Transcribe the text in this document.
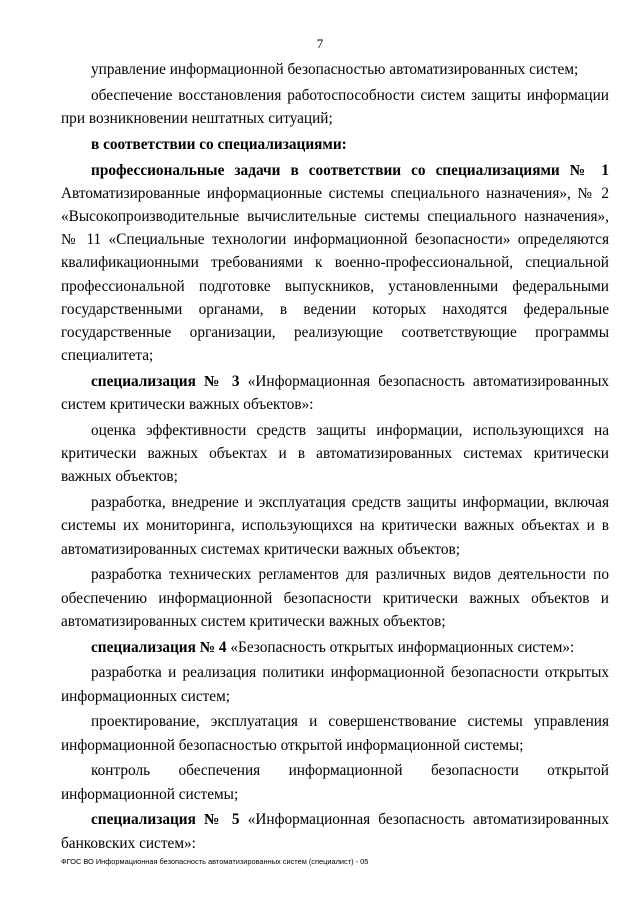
7

управление информационной безопасностью автоматизированных систем;

обеспечение восстановления работоспособности систем защиты информации при возникновении нештатных ситуаций;

в соответствии со специализациями:

профессиональные задачи в соответствии со специализациями № 1 Автоматизированные информационные системы специального назначения», № 2 «Высокопроизводительные вычислительные системы специального назначения», № 11 «Специальные технологии информационной безопасности» определяются квалификационными требованиями к военно-профессиональной, специальной профессиональной подготовке выпускников, установленными федеральными государственными органами, в ведении которых находятся федеральные государственные организации, реализующие соответствующие программы специалитета;

специализация № 3 «Информационная безопасность автоматизированных систем критически важных объектов»:

оценка эффективности средств защиты информации, использующихся на критически важных объектах и в автоматизированных системах критически важных объектов;

разработка, внедрение и эксплуатация средств защиты информации, включая системы их мониторинга, использующихся на критически важных объектах и в автоматизированных системах критически важных объектов;

разработка технических регламентов для различных видов деятельности по обеспечению информационной безопасности критически важных объектов и автоматизированных систем критически важных объектов;

специализация № 4 «Безопасность открытых информационных систем»:

разработка и реализация политики информационной безопасности открытых информационных систем;

проектирование, эксплуатация и совершенствование системы управления информационной безопасностью открытой информационной системы;

контроль обеспечения информационной безопасности открытой информационной системы;

специализация № 5 «Информационная безопасность автоматизированных банковских систем»:

ФГОС ВО Информационная безопасность автоматизированных систем (специалист) - 05
